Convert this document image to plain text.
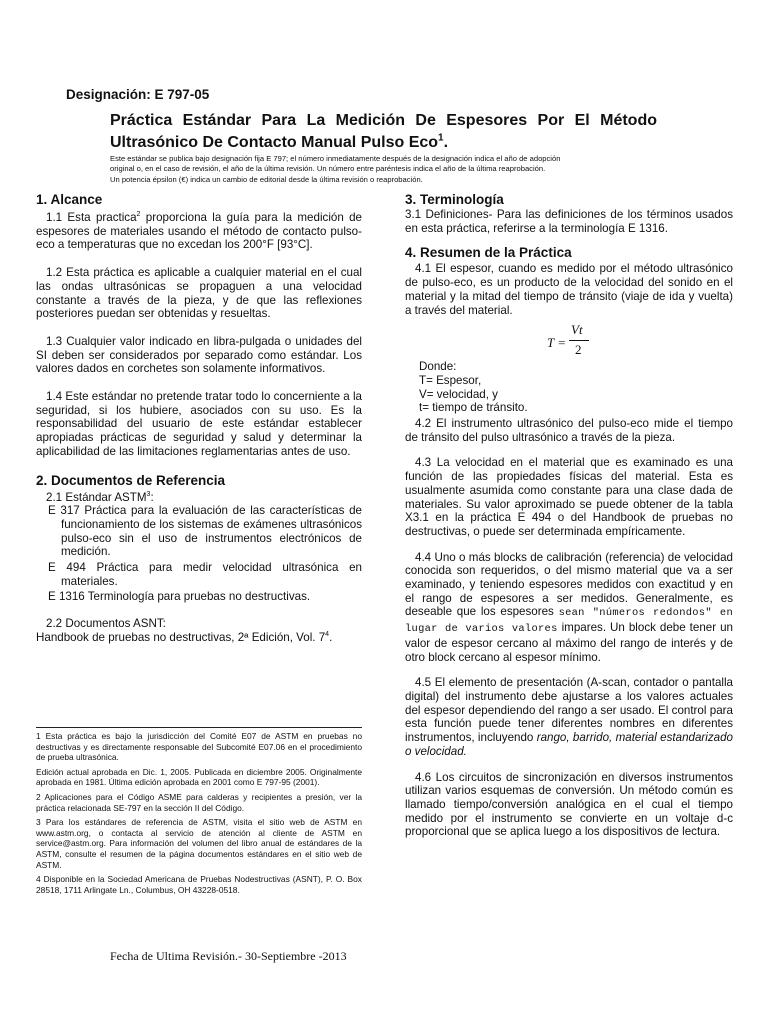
Designación: E 797-05
Práctica Estándar Para La Medición De Espesores Por El Método Ultrasónico De Contacto Manual Pulso Eco$^1$.
Este estándar se publica bajo designación fija E 797; el número inmediatamente después de la designación indica el año de adopción
original o, en el caso de revisión, el año de la última revisión. Un número entre paréntesis indica el año de la última reaprobación.
Un potencia épsilon (€) indica un cambio de editorial desde la última revisión o reaprobación.
1. Alcance

1.1 Esta practica$^2$ proporciona la guía para la medición de espesores de materiales usando el método de contacto pulso-eco a temperaturas que no excedan los 200°F [93°C].

1.2 Esta práctica es aplicable a cualquier material en el cual las ondas ultrasónicas se propaguen a una velocidad constante a través de la pieza, y de que las reflexiones posteriores puedan ser obtenidas y resueltas.

1.3 Cualquier valor indicado en libra-pulgada o unidades del SI deben ser considerados por separado como estándar. Los valores dados en corchetes son solamente informativos.

1.4 Este estándar no pretende tratar todo lo concerniente a la seguridad, si los hubiere, asociados con su uso. Es la responsabilidad del usuario de este estándar establecer apropiadas prácticas de seguridad y salud y determinar la aplicabilidad de las limitaciones reglamentarias antes de uso.

2. Documentos de Referencia

2.1 Estándar ASTM$^3$:

E 317 Práctica para la evaluación de las características de funcionamiento de los sistemas de exámenes ultrasónicos pulso-eco sin el uso de instrumentos electrónicos de medición.

E 494 Práctica para medir velocidad ultrasónica en materiales.

E 1316 Terminología para pruebas no destructivas.

2.2 Documentos ASNT:

Handbook de pruebas no destructivas, 2ª Edición, Vol. $7^4$.

1 Esta práctica es bajo la jurisdicción del Comité E07 de ASTM en pruebas no destructivas y es directamente responsable del Subcomité E07.06 en el procedimiento de prueba ultrasónica.

Edición actual aprobada en Dic. 1, 2005. Publicada en diciembre 2005. Originalmente aprobada en 1981. Última edición aprobada en 2001 como E 797-95 (2001).

2 Aplicaciones para el Código ASME para calderas y recipientes a presión, ver la práctica relacionada SE-797 en la sección II del Código.

3 Para los estándares de referencia de ASTM, visita el sitio web de ASTM en www.astm.org, o contacta al servicio de atención al cliente de ASTM en service@astm.org. Para información del volumen del libro anual de estándares de la ASTM, consulte el resumen de la página documentos estándares en el sitio web de ASTM.

4 Disponible en la Sociedad Americana de Pruebas Nodestructivas (ASNT), P. O. Box 28518, 1711 Arlingate Ln., Columbus, OH 43228-0518.

3. Terminología

3.1 Definiciones- Para las definiciones de los términos usados en esta práctica, referirse a la terminología E 1316.

4. Resumen de la Práctica

4.1 El espesor, cuando es medido por el método ultrasónico de pulso-eco, es un producto de la velocidad del sonido en el material y la mitad del tiempo de tránsito (viaje de ida y vuelta) a través del material.

T =
Vt
2
Donde:
T= Espesor,
V= velocidad, y
t= tiempo de tránsito.

4.2 El instrumento ultrasónico del pulso-eco mide el tiempo de tránsito del pulso ultrasónico a través de la pieza.

4.3 La velocidad en el material que es examinado es una función de las propiedades físicas del material. Esta es usualmente asumida como constante para una clase dada de materiales. Su valor aproximado se puede obtener de la tabla X3.1 en la práctica E 494 o del Handbook de pruebas no destructivas, o puede ser determinada empíricamente.

4.4 Uno o más blocks de calibración (referencia) de velocidad conocida son requeridos, o del mismo material que va a ser examinado, y teniendo espesores medidos con exactitud y en el rango de espesores a ser medidos. Generalmente, es deseable que los espesores sean "números redondos" en lugar de varios valores impares. Un block debe tener un valor de espesor cercano al máximo del rango de interés y de otro block cercano al espesor mínimo.

4.5 El elemento de presentación (A-scan, contador o pantalla digital) del instrumento debe ajustarse a los valores actuales del espesor dependiendo del rango a ser usado. El control para esta función puede tener diferentes nombres en diferentes instrumentos, incluyendo rango, barrido, material estandarizado o velocidad.

4.6 Los circuitos de sincronización en diversos instrumentos utilizan varios esquemas de conversión. Un método común es llamado tiempo/conversión analógica en el cual el tiempo medido por el instrumento se convierte en un voltaje d-c proporcional que se aplica luego a los dispositivos de lectura.

Fecha de Ultima Revisión.- 30-Septiembre -2013
